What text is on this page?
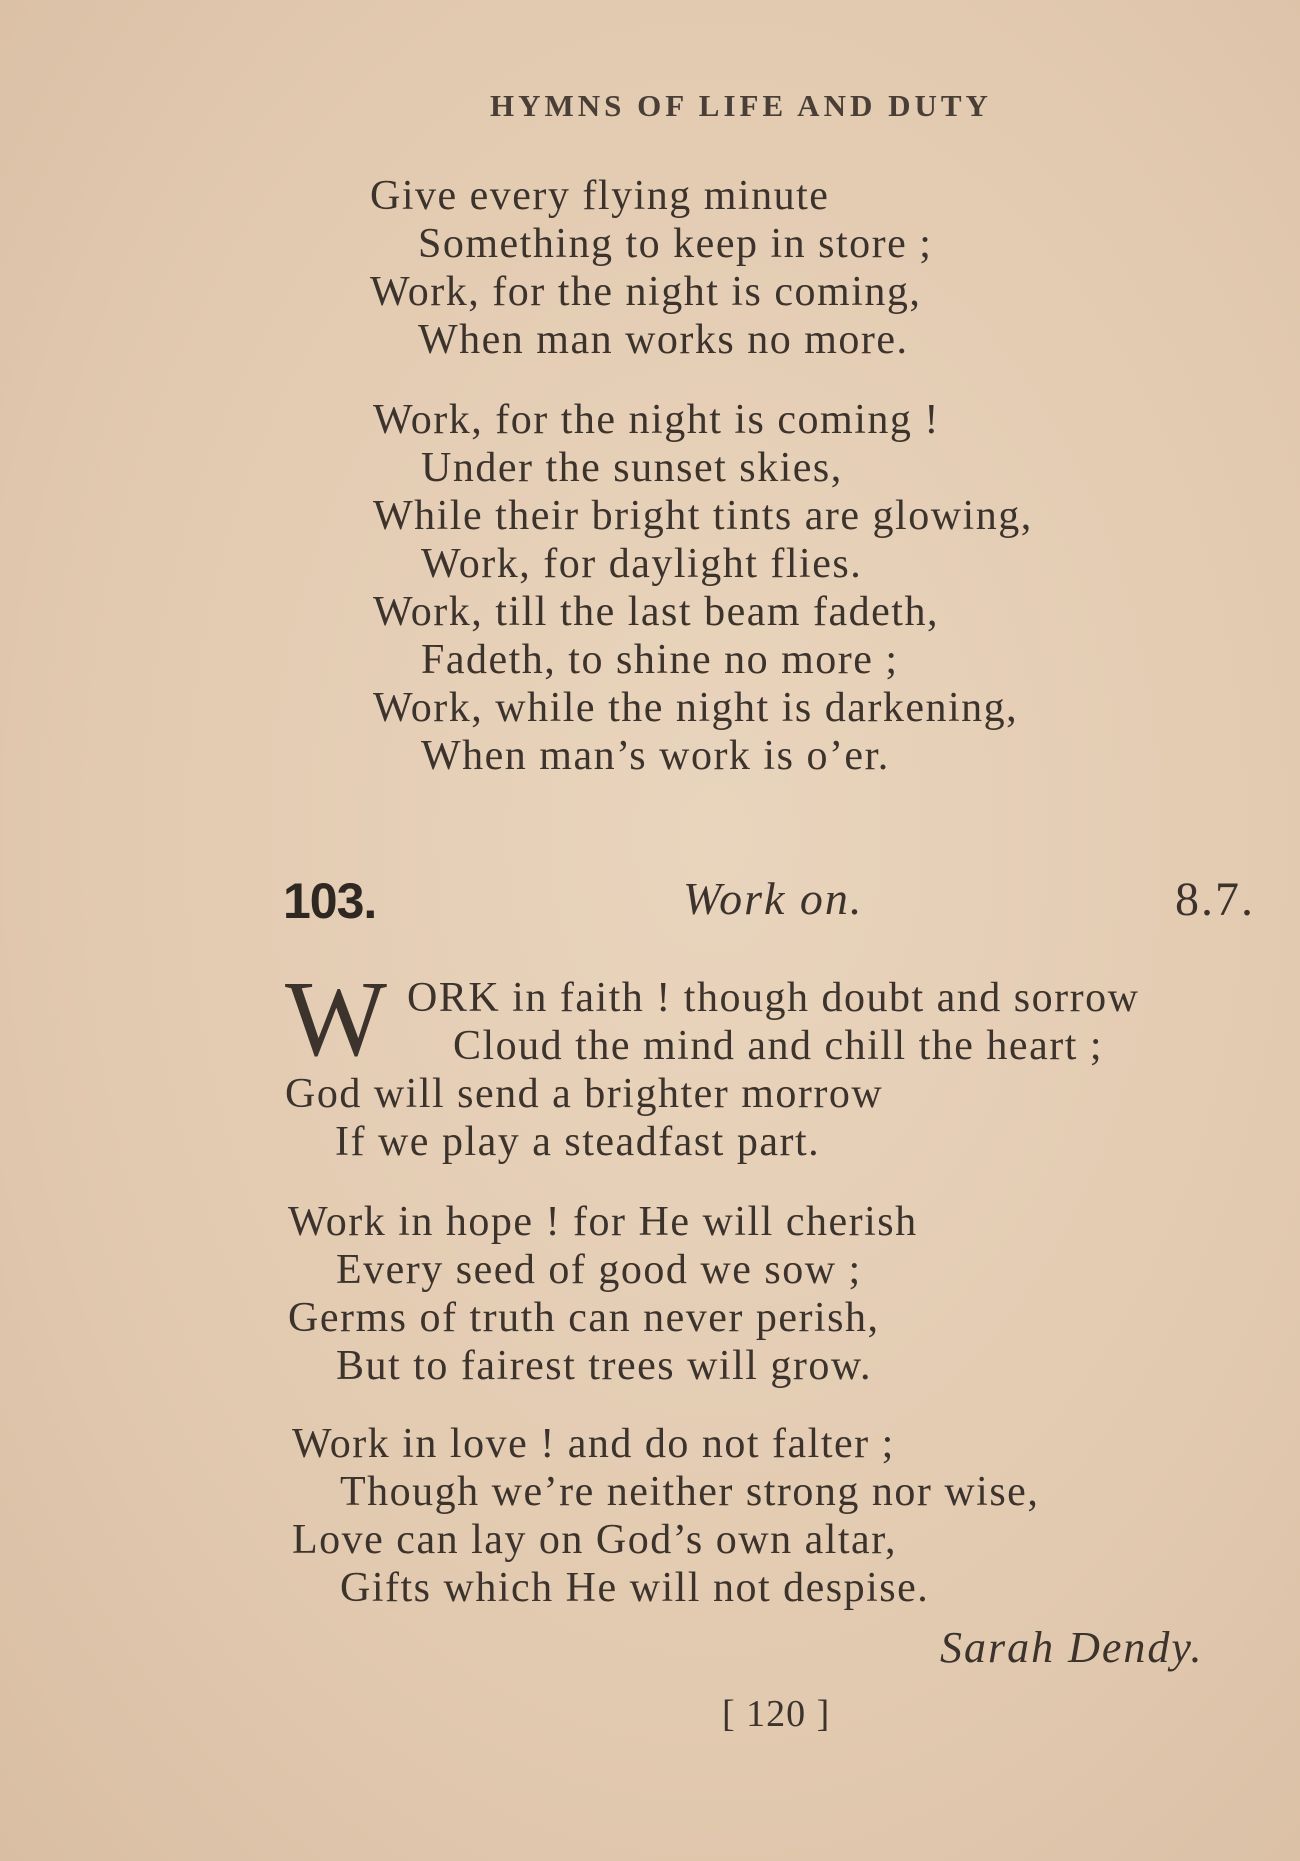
HYMNS OF LIFE AND DUTY
Give every flying minute
Something to keep in store ;
Work, for the night is coming,
When man works no more.
Work, for the night is coming !
Under the sunset skies,
While their bright tints are glowing,
Work, for daylight flies.
Work, till the last beam fadeth,
Fadeth, to shine no more ;
Work, while the night is darkening,
When man’s work is o’er.
103.	Work on.	8.7.
W ORK in faith ! though doubt and sorrow
Cloud the mind and chill the heart ;
God will send a brighter morrow
If we play a steadfast part.
Work in hope ! for He will cherish
Every seed of good we sow ;
Germs of truth can never perish,
But to fairest trees will grow.
Work in love ! and do not falter ;
Though we’re neither strong nor wise,
Love can lay on God’s own altar,
Gifts which He will not despise.
Sarah Dendy.
[ 120 ]
